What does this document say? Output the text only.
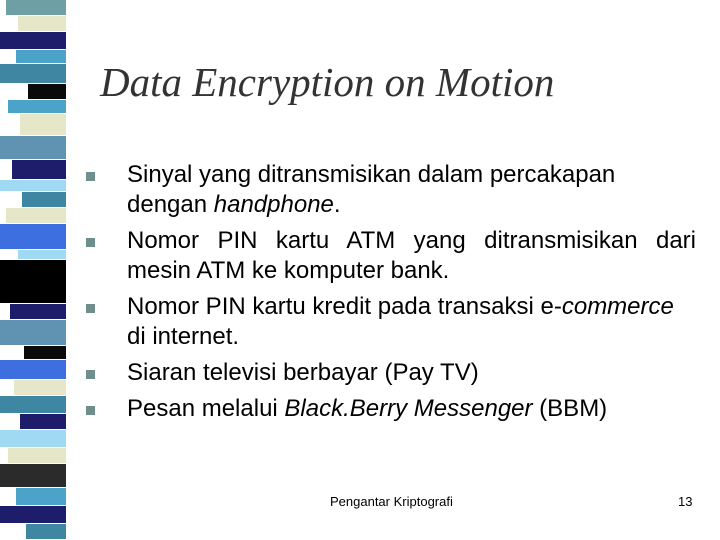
Data Encryption on Motion
Sinyal yang ditransmisikan dalam percakapan dengan handphone.
Nomor PIN kartu ATM yang ditransmisikan dari mesin ATM ke komputer bank.
Nomor PIN kartu kredit pada transaksi e-commerce di internet.
Siaran televisi berbayar (Pay TV)
Pesan melalui Black.Berry Messenger (BBM)
Pengantar Kriptografi	13
